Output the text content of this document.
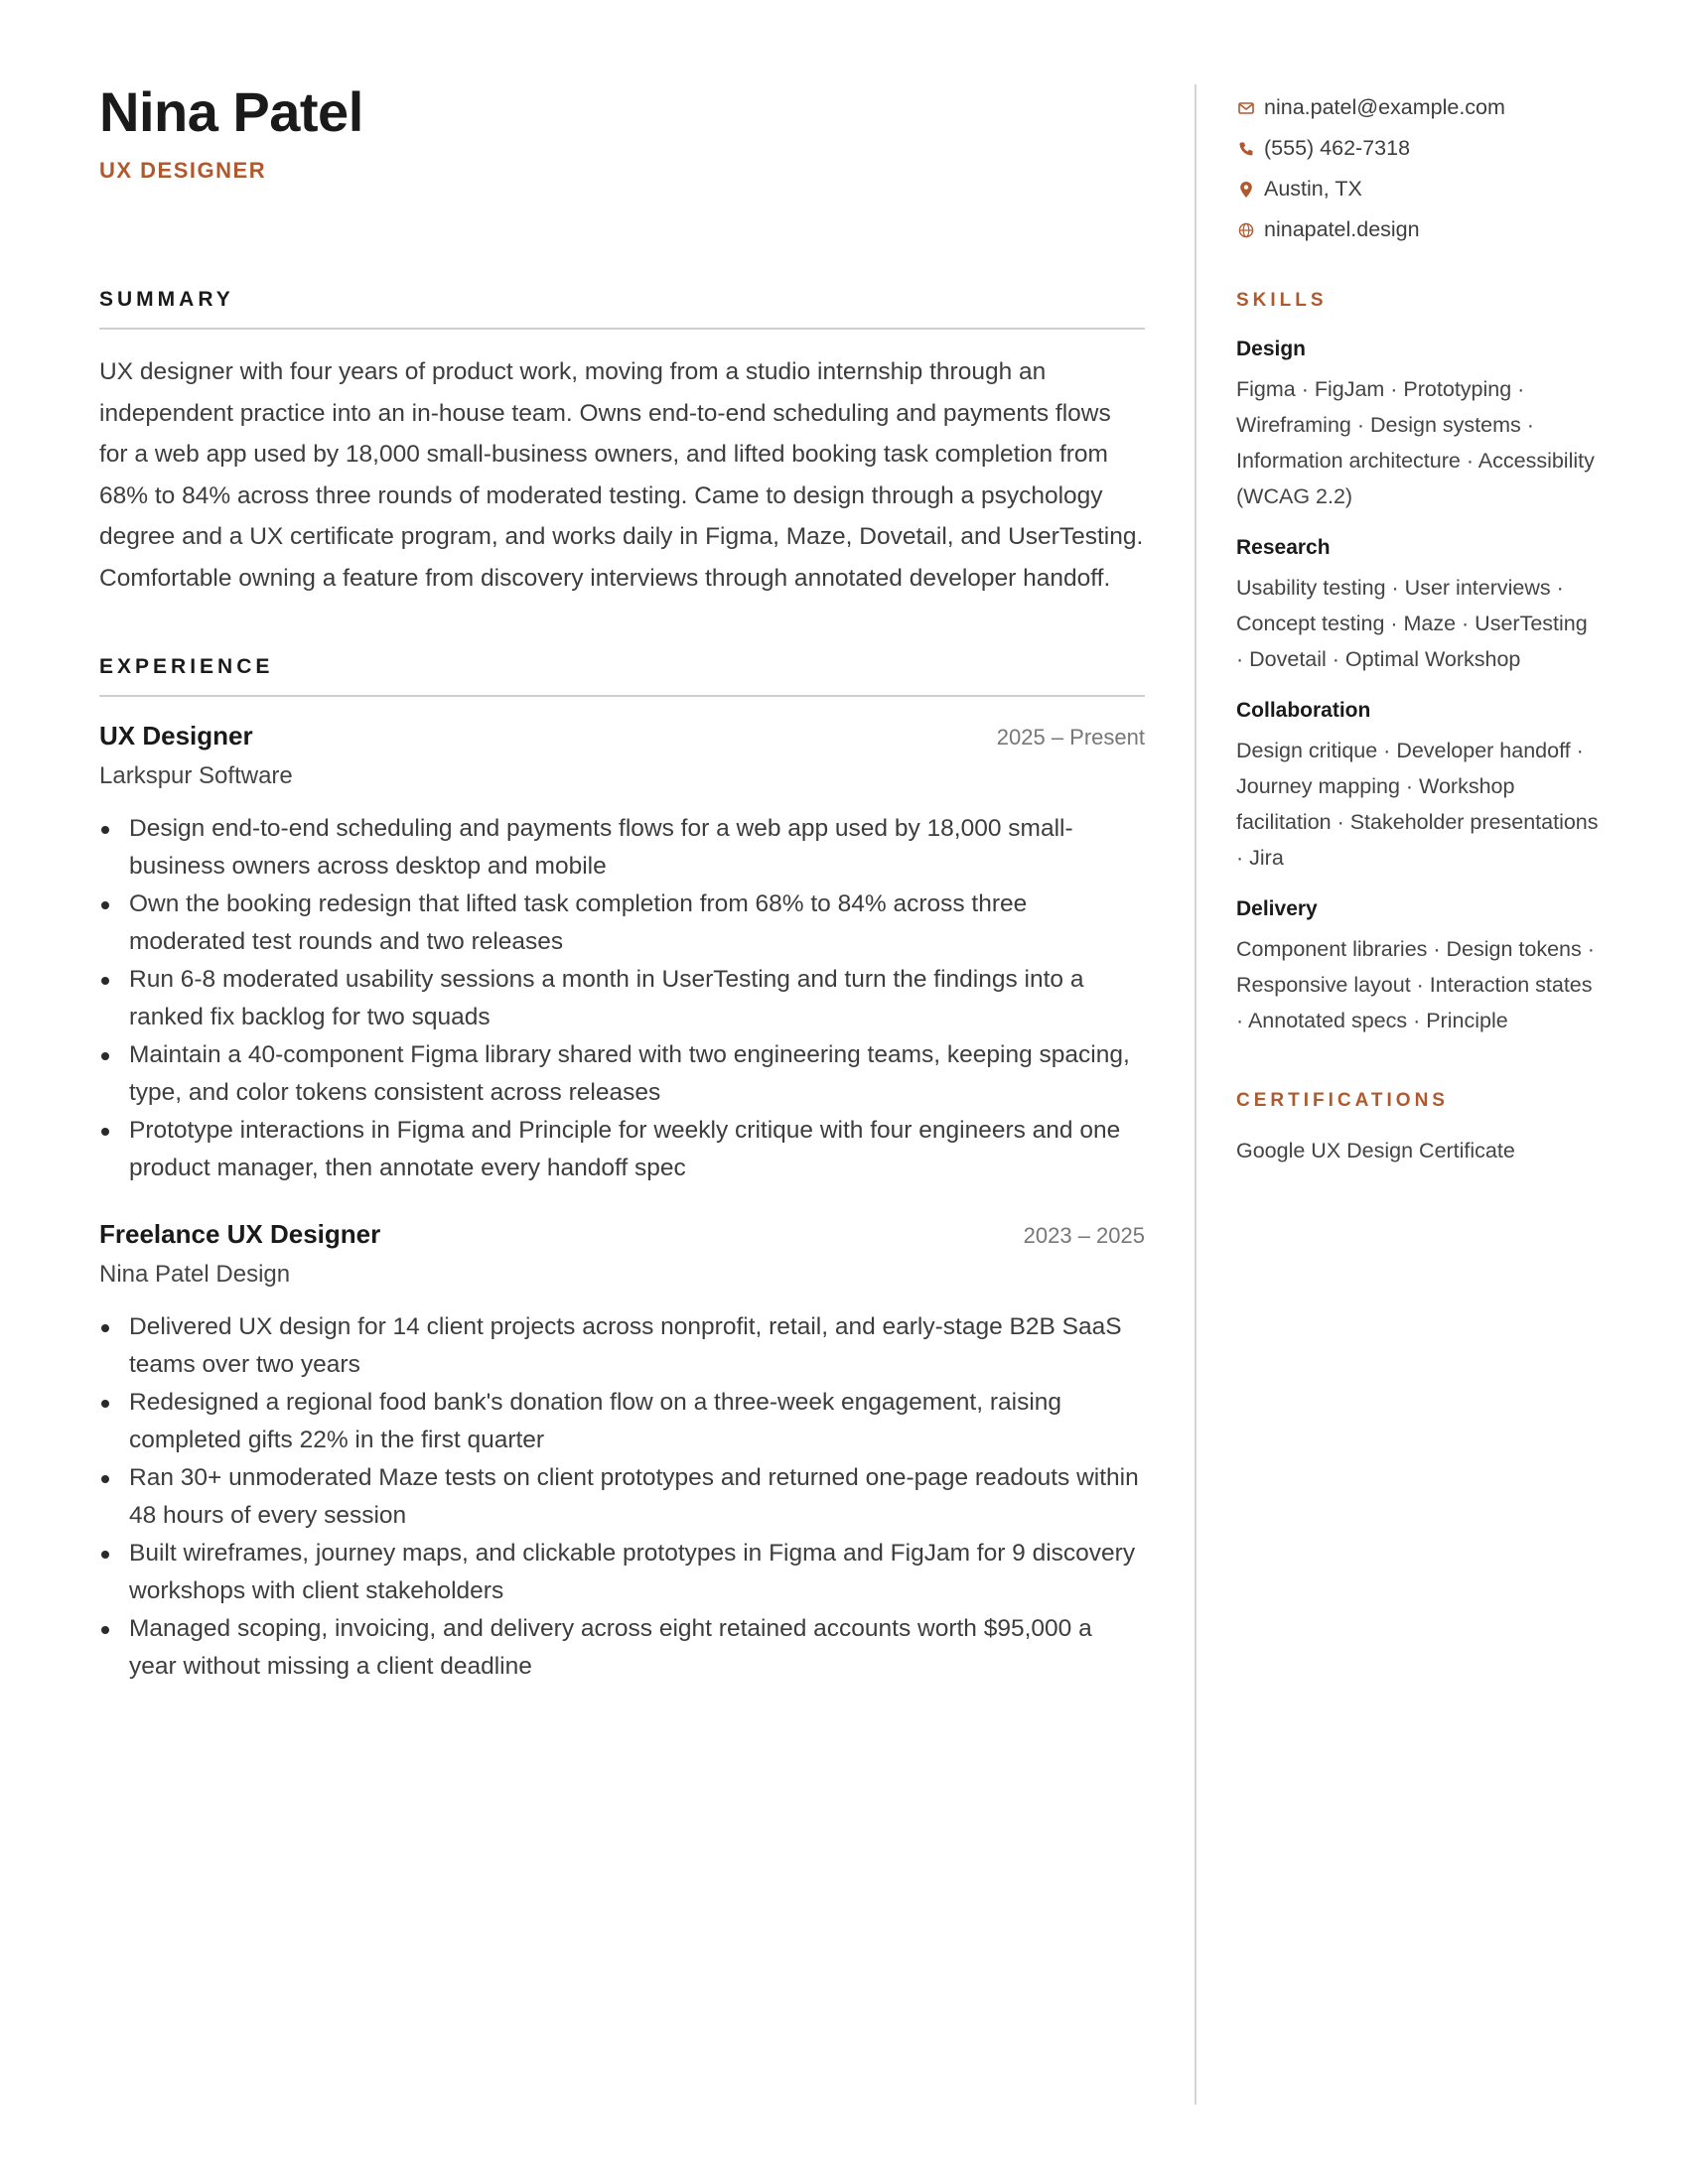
Nina Patel
UX DESIGNER
SUMMARY
UX designer with four years of product work, moving from a studio internship through an independent practice into an in-house team. Owns end-to-end scheduling and payments flows for a web app used by 18,000 small-business owners, and lifted booking task completion from 68% to 84% across three rounds of moderated testing. Came to design through a psychology degree and a UX certificate program, and works daily in Figma, Maze, Dovetail, and UserTesting. Comfortable owning a feature from discovery interviews through annotated developer handoff.
EXPERIENCE
UX Designer	2025 – Present
Larkspur Software
Design end-to-end scheduling and payments flows for a web app used by 18,000 small-business owners across desktop and mobile
Own the booking redesign that lifted task completion from 68% to 84% across three moderated test rounds and two releases
Run 6-8 moderated usability sessions a month in UserTesting and turn the findings into a ranked fix backlog for two squads
Maintain a 40-component Figma library shared with two engineering teams, keeping spacing, type, and color tokens consistent across releases
Prototype interactions in Figma and Principle for weekly critique with four engineers and one product manager, then annotate every handoff spec
Freelance UX Designer	2023 – 2025
Nina Patel Design
Delivered UX design for 14 client projects across nonprofit, retail, and early-stage B2B SaaS teams over two years
Redesigned a regional food bank's donation flow on a three-week engagement, raising completed gifts 22% in the first quarter
Ran 30+ unmoderated Maze tests on client prototypes and returned one-page readouts within 48 hours of every session
Built wireframes, journey maps, and clickable prototypes in Figma and FigJam for 9 discovery workshops with client stakeholders
Managed scoping, invoicing, and delivery across eight retained accounts worth $95,000 a year without missing a client deadline
nina.patel@example.com
(555) 462-7318
Austin, TX
ninapatel.design
SKILLS
Design
Figma · FigJam · Prototyping · Wireframing · Design systems · Information architecture · Accessibility (WCAG 2.2)
Research
Usability testing · User interviews · Concept testing · Maze · UserTesting · Dovetail · Optimal Workshop
Collaboration
Design critique · Developer handoff · Journey mapping · Workshop facilitation · Stakeholder presentations · Jira
Delivery
Component libraries · Design tokens · Responsive layout · Interaction states · Annotated specs · Principle
CERTIFICATIONS
Google UX Design Certificate
